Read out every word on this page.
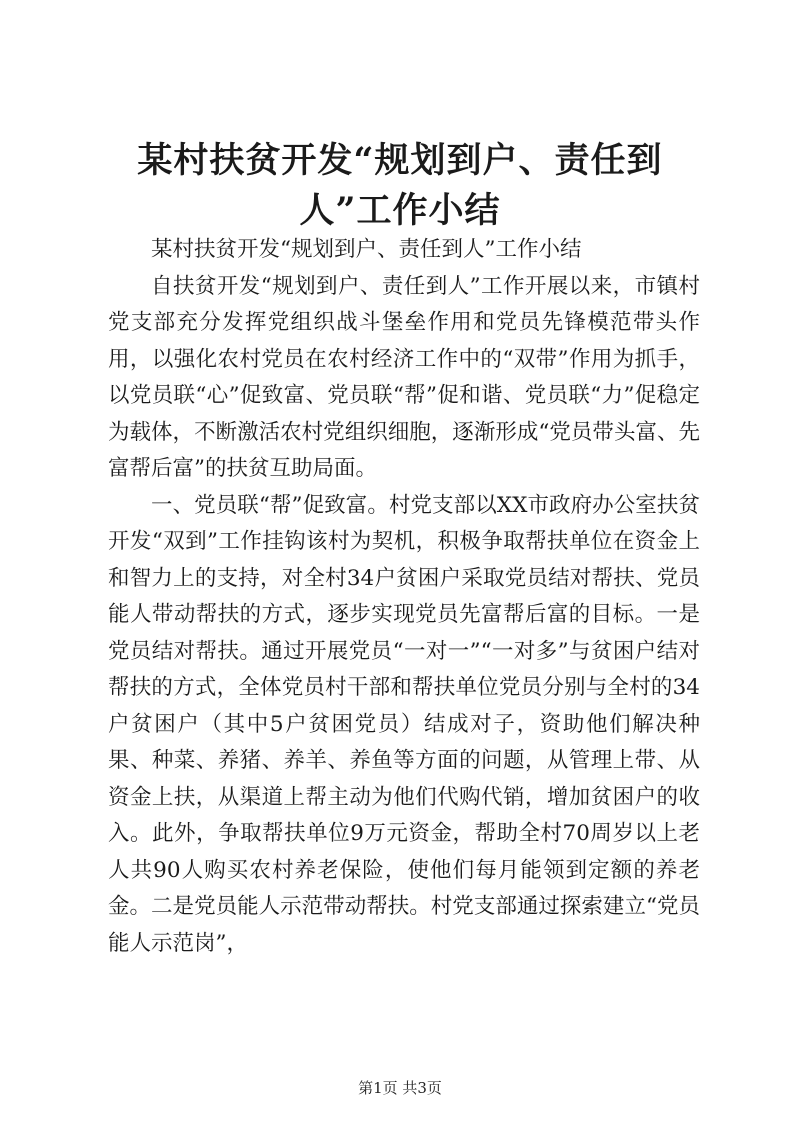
某村扶贫开发“规划到户、责任到人”工作小结

某村扶贫开发“规划到户、责任到人”工作小结

自扶贫开发“规划到户、责任到人”工作开展以来，市镇村党支部充分发挥党组织战斗堡垒作用和党员先锋模范带头作用，以强化农村党员在农村经济工作中的“双带”作用为抓手，以党员联“心”促致富、党员联“帮”促和谐、党员联“力”促稳定为载体，不断激活农村党组织细胞，逐渐形成“党员带头富、先富帮后富”的扶贫互助局面。

一、党员联“帮”促致富。村党支部以XX市政府办公室扶贫开发“双到”工作挂钩该村为契机，积极争取帮扶单位在资金上和智力上的支持，对全村34户贫困户采取党员结对帮扶、党员能人带动帮扶的方式，逐步实现党员先富帮后富的目标。一是党员结对帮扶。通过开展党员“一对一”“一对多”与贫困户结对帮扶的方式，全体党员村干部和帮扶单位党员分别与全村的34户贫困户（其中5户贫困党员）结成对子，资助他们解决种果、种菜、养猪、养羊、养鱼等方面的问题，从管理上带、从资金上扶，从渠道上帮主动为他们代购代销，增加贫困户的收入。此外，争取帮扶单位9万元资金，帮助全村70周岁以上老人共90人购买农村养老保险，使他们每月能领到定额的养老金。二是党员能人示范带动帮扶。村党支部通过探索建立“党员能人示范岗”，

第1页 共3页
